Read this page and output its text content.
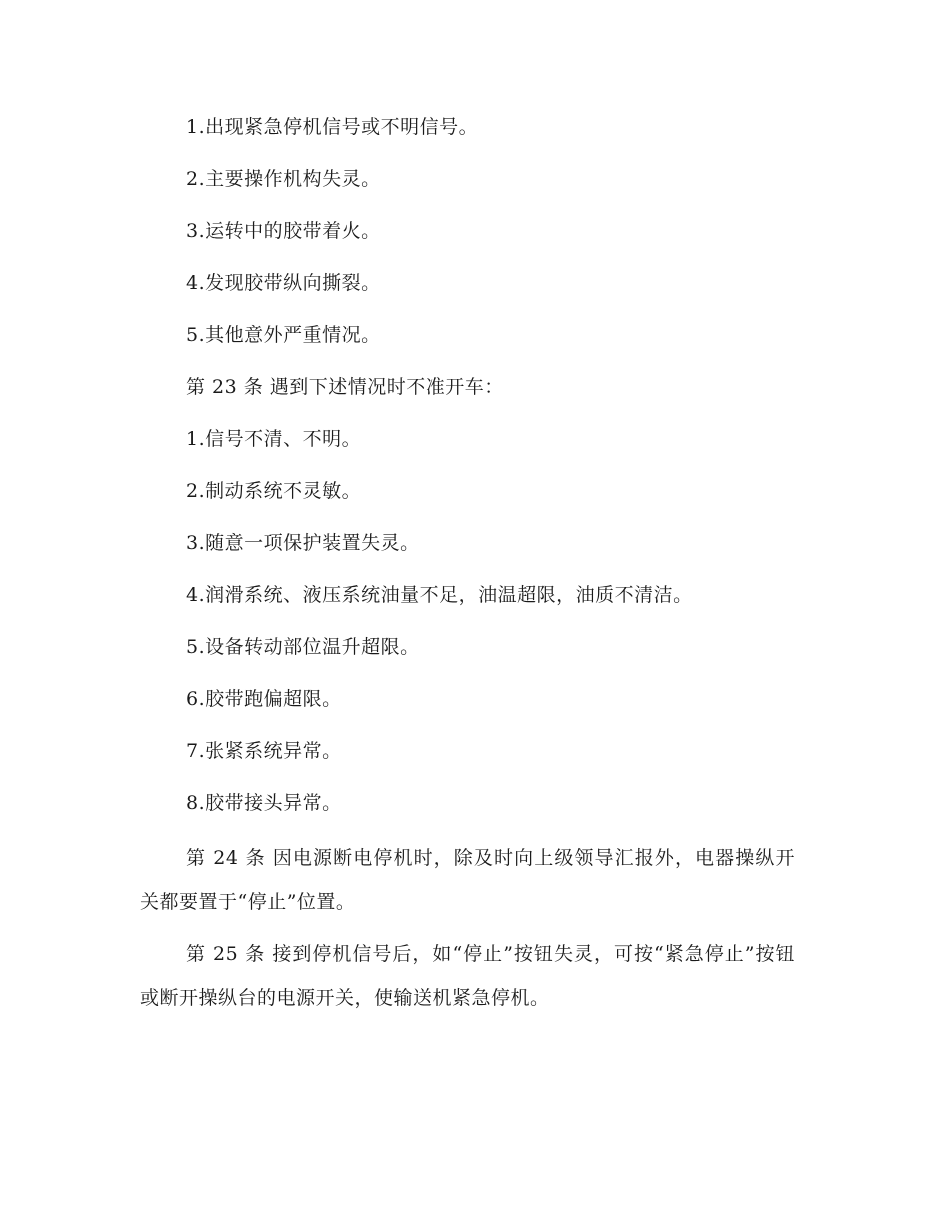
1.出现紧急停机信号或不明信号。

2.主要操作机构失灵。

3.运转中的胶带着火。

4.发现胶带纵向撕裂。

5.其他意外严重情况。

第 23 条 遇到下述情况时不准开车：

1.信号不清、不明。

2.制动系统不灵敏。

3.随意一项保护装置失灵。

4.润滑系统、液压系统油量不足，油温超限，油质不清洁。

5.设备转动部位温升超限。

6.胶带跑偏超限。

7.张紧系统异常。

8.胶带接头异常。

第 24 条 因电源断电停机时，除及时向上级领导汇报外，电器操纵开关都要置于“停止”位置。

第 25 条 接到停机信号后，如“停止”按钮失灵，可按“紧急停止”按钮或断开操纵台的电源开关，使输送机紧急停机。
